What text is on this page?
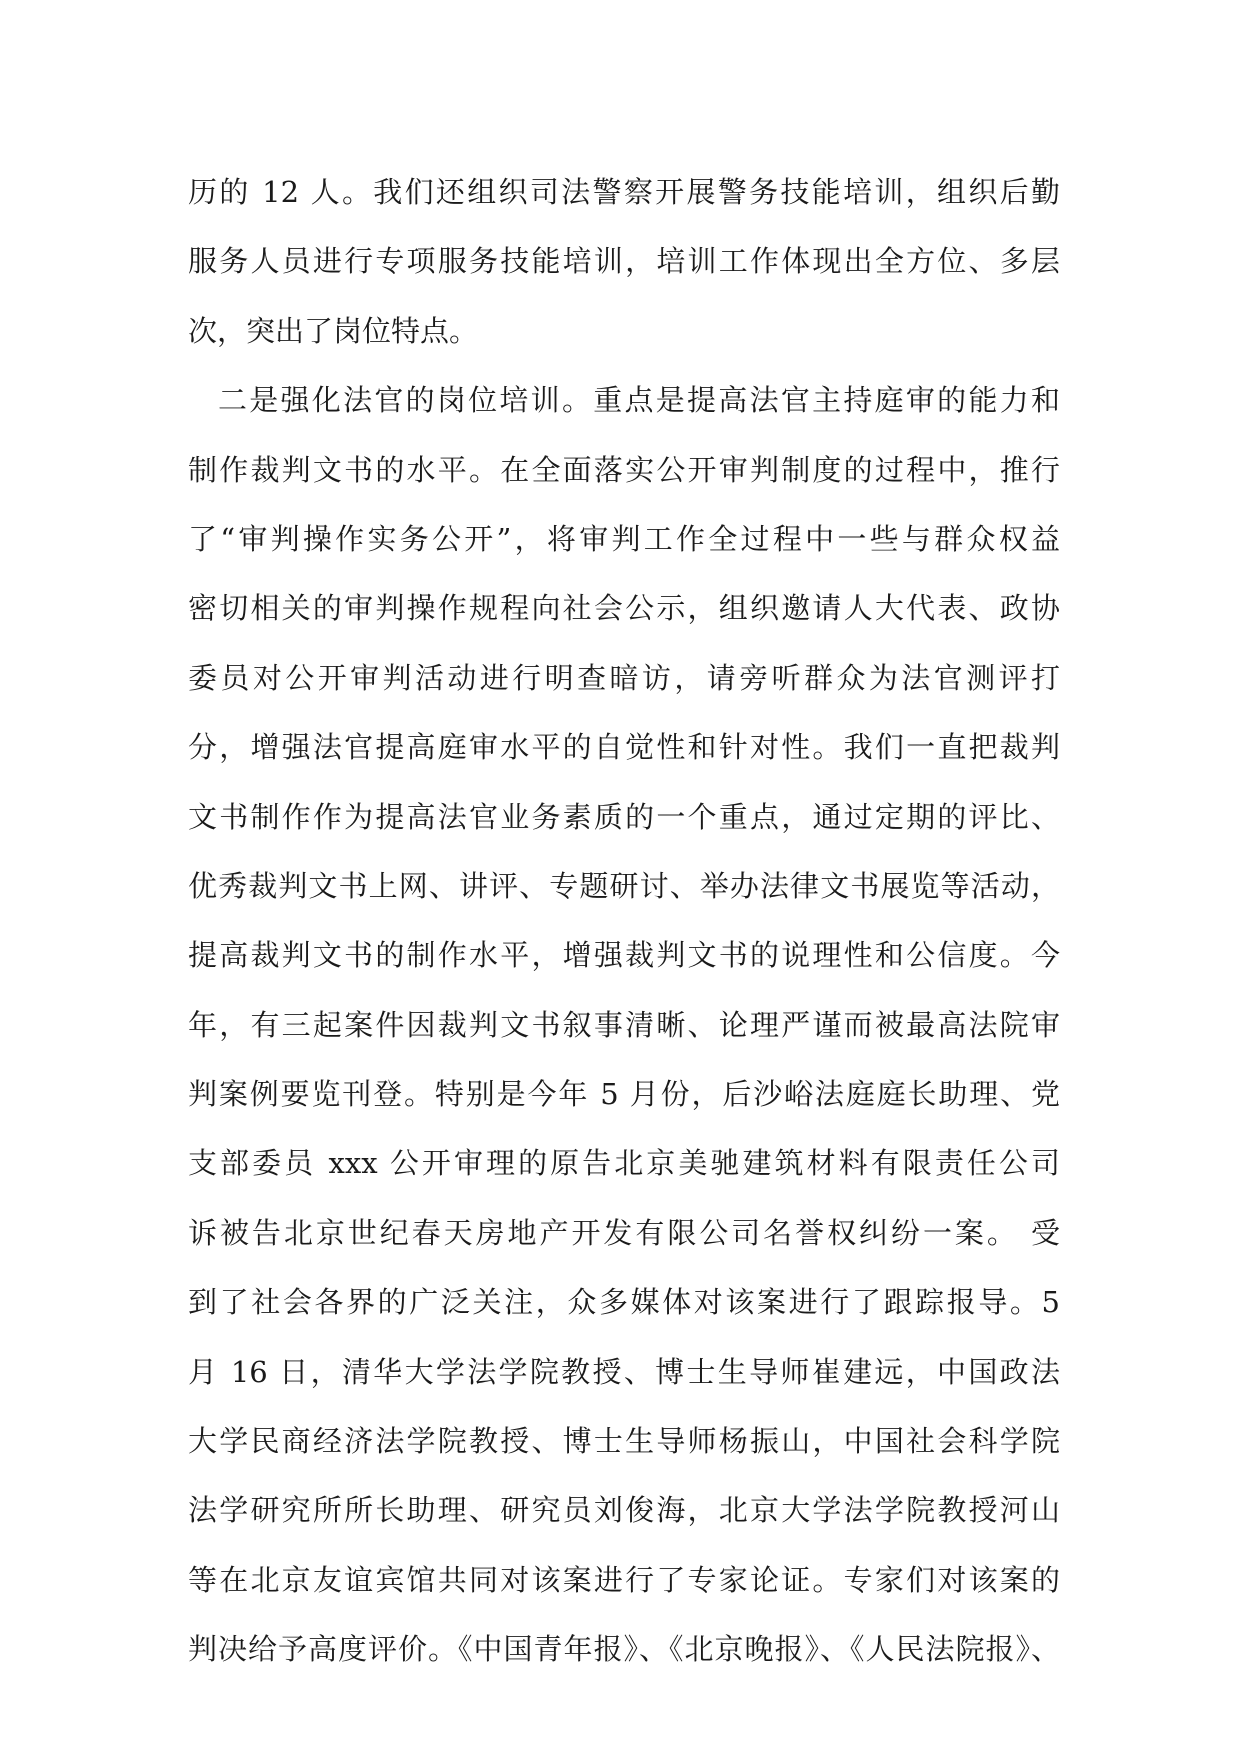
历的 12 人。我们还组织司法警察开展警务技能培训，组织后勤
服务人员进行专项服务技能培训，培训工作体现出全方位、多层
次，突出了岗位特点。
二是强化法官的岗位培训。重点是提高法官主持庭审的能力和
制作裁判文书的水平。在全面落实公开审判制度的过程中，推行
了“审判操作实务公开”，将审判工作全过程中一些与群众权益
密切相关的审判操作规程向社会公示，组织邀请人大代表、政协
委员对公开审判活动进行明查暗访，请旁听群众为法官测评打
分，增强法官提高庭审水平的自觉性和针对性。我们一直把裁判
文书制作作为提高法官业务素质的一个重点，通过定期的评比、
优秀裁判文书上网、讲评、专题研讨、举办法律文书展览等活动，
提高裁判文书的制作水平，增强裁判文书的说理性和公信度。今
年，有三起案件因裁判文书叙事清晰、论理严谨而被最高法院审
判案例要览刊登。特别是今年 5 月份，后沙峪法庭庭长助理、党
支部委员 xxx 公开审理的原告北京美驰建筑材料有限责任公司
诉被告北京世纪春天房地产开发有限公司名誉权纠纷一案。 受
到了社会各界的广泛关注，众多媒体对该案进行了跟踪报导。5
月 16 日，清华大学法学院教授、博士生导师崔建远，中国政法
大学民商经济法学院教授、博士生导师杨振山，中国社会科学院
法学研究所所长助理、研究员刘俊海，北京大学法学院教授河山
等在北京友谊宾馆共同对该案进行了专家论证。专家们对该案的
判决给予高度评价。《中国青年报》、《北京晚报》、《人民法院报》、
